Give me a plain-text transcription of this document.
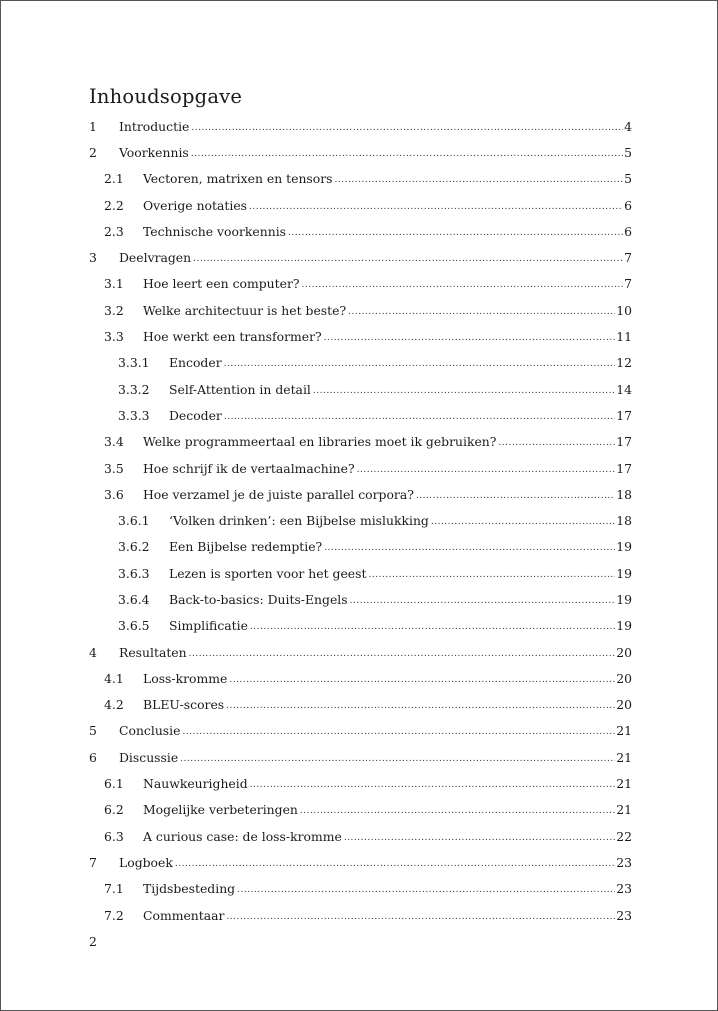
Inhoudsopgave
1	Introductie .....	4
2	Voorkennis .....	5
2.1	Vectoren, matrixen en tensors .....	5
2.2	Overige notaties .....	6
2.3	Technische voorkennis .....	6
3	Deelvragen .....	7
3.1	Hoe leert een computer? .....	7
3.2	Welke architectuur is het beste? .....	10
3.3	Hoe werkt een transformer? .....	11
3.3.1	Encoder .....	12
3.3.2	Self-Attention in detail .....	14
3.3.3	Decoder .....	17
3.4	Welke programmeertaal en libraries moet ik gebruiken? .....	17
3.5	Hoe schrijf ik de vertaalmachine? .....	17
3.6	Hoe verzamel je de juiste parallel corpora? .....	18
3.6.1	‘Volken drinken’: een Bijbelse mislukking .....	18
3.6.2	Een Bijbelse redemptie? .....	19
3.6.3	Lezen is sporten voor het geest .....	19
3.6.4	Back-to-basics: Duits-Engels .....	19
3.6.5	Simplificatie .....	19
4	Resultaten .....	20
4.1	Loss-kromme .....	20
4.2	BLEU-scores .....	20
5	Conclusie .....	21
6	Discussie .....	21
6.1	Nauwkeurigheid .....	21
6.2	Mogelijke verbeteringen .....	21
6.3	A curious case: de loss-kromme .....	22
7	Logboek .....	23
7.1	Tijdsbesteding .....	23
7.2	Commentaar .....	23
2
